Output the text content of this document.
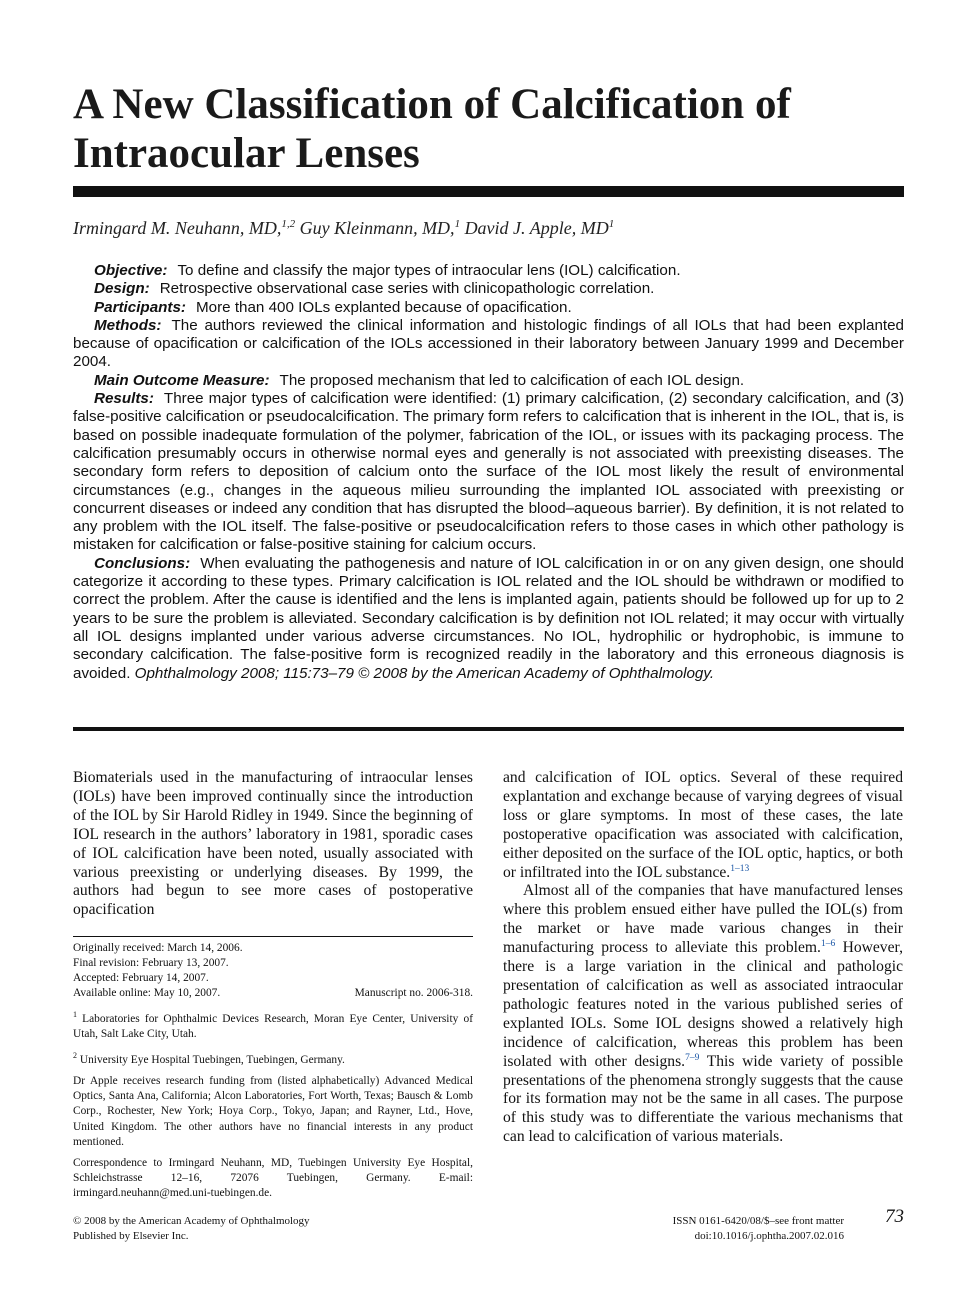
A New Classification of Calcification of Intraocular Lenses
Irmingard M. Neuhann, MD,$^{1,2}$ Guy Kleinmann, MD,$^1$ David J. Apple, $MD^1$

Objective: To define and classify the major types of intraocular lens (IOL) calcification.

Design: Retrospective observational case series with clinicopathologic correlation.

Participants: More than 400 IOLs explanted because of opacification.

Methods: The authors reviewed the clinical information and histologic findings of all IOLs that had been explanted because of opacification or calcification of the IOLs accessioned in their laboratory between January 1999 and December 2004.

Main Outcome Measure: The proposed mechanism that led to calcification of each IOL design.

Results: Three major types of calcification were identified: (1) primary calcification, (2) secondary calcification, and (3) false-positive calcification or pseudocalcification. The primary form refers to calcification that is inherent in the IOL, that is, is based on possible inadequate formulation of the polymer, fabrication of the IOL, or issues with its packaging process. The calcification presumably occurs in otherwise normal eyes and generally is not associated with preexisting diseases. The secondary form refers to deposition of calcium onto the surface of the IOL most likely the result of environmental circumstances (e.g., changes in the aqueous milieu surrounding the implanted IOL associated with preexisting or concurrent diseases or indeed any condition that has disrupted the blood–aqueous barrier). By definition, it is not related to any problem with the IOL itself. The false-positive or pseudocalcification refers to those cases in which other pathology is mistaken for calcification or false-positive staining for calcium occurs.

Conclusions: When evaluating the pathogenesis and nature of IOL calcification in or on any given design, one should categorize it according to these types. Primary calcification is IOL related and the IOL should be withdrawn or modified to correct the problem. After the cause is identified and the lens is implanted again, patients should be followed up for up to 2 years to be sure the problem is alleviated. Secondary calcification is by definition not IOL related; it may occur with virtually all IOL designs implanted under various adverse circumstances. No IOL, hydrophilic or hydrophobic, is immune to secondary calcification. The false-positive form is recognized readily in the laboratory and this erroneous diagnosis is avoided. Ophthalmology 2008; 115:73–79 © 2008 by the American Academy of Ophthalmology.

Biomaterials used in the manufacturing of intraocular lenses (IOLs) have been improved continually since the introduction of the IOL by Sir Harold Ridley in 1949. Since the beginning of IOL research in the authors’ laboratory in 1981, sporadic cases of IOL calcification have been noted, usually associated with various preexisting or underlying diseases. By 1999, the authors had begun to see more cases of postoperative opacification

Originally received: March 14, 2006.

Final revision: February 13, 2007.

Accepted: February 14, 2007.

Available online: May 10, 2007.	Manuscript no. 2006-318.

$^1$ Laboratories for Ophthalmic Devices Research, Moran Eye Center, University of Utah, Salt Lake City, Utah.

$^2$ University Eye Hospital Tuebingen, Tuebingen, Germany.

Dr Apple receives research funding from (listed alphabetically) Advanced Medical Optics, Santa Ana, California; Alcon Laboratories, Fort Worth, Texas; Bausch & Lomb Corp., Rochester, New York; Hoya Corp., Tokyo, Japan; and Rayner, Ltd., Hove, United Kingdom. The other authors have no financial interests in any product mentioned.

Correspondence to Irmingard Neuhann, MD, Tuebingen University Eye Hospital, Schleichstrasse 12–16, 72076 Tuebingen, Germany. E-mail: irmingard.neuhann@med.uni-tuebingen.de.

and calcification of IOL optics. Several of these required explantation and exchange because of varying degrees of visual loss or glare symptoms. In most of these cases, the late postoperative opacification was associated with calcification, either deposited on the surface of the IOL optic, haptics, or both or infiltrated into the IOL substance.$^{1-13}$

Almost all of the companies that have manufactured lenses where this problem ensued either have pulled the IOL(s) from the market or have made various changes in their manufacturing process to alleviate this problem.$^{1-6}$ However, there is a large variation in the clinical and pathologic presentation of calcification as well as associated intraocular pathologic features noted in the various published series of explanted IOLs. Some IOL designs showed a relatively high incidence of calcification, whereas this problem has been isolated with other designs.$^{7-9}$ This wide variety of possible presentations of the phenomena strongly suggests that the cause for its formation may not be the same in all cases. The purpose of this study was to differentiate the various mechanisms that can lead to calcification of various materials.

© 2008 by the American Academy of Ophthalmology
Published by Elsevier Inc.
ISSN 0161-6420/08/$–see front matter
doi:10.1016/j.ophtha.2007.02.016
73
